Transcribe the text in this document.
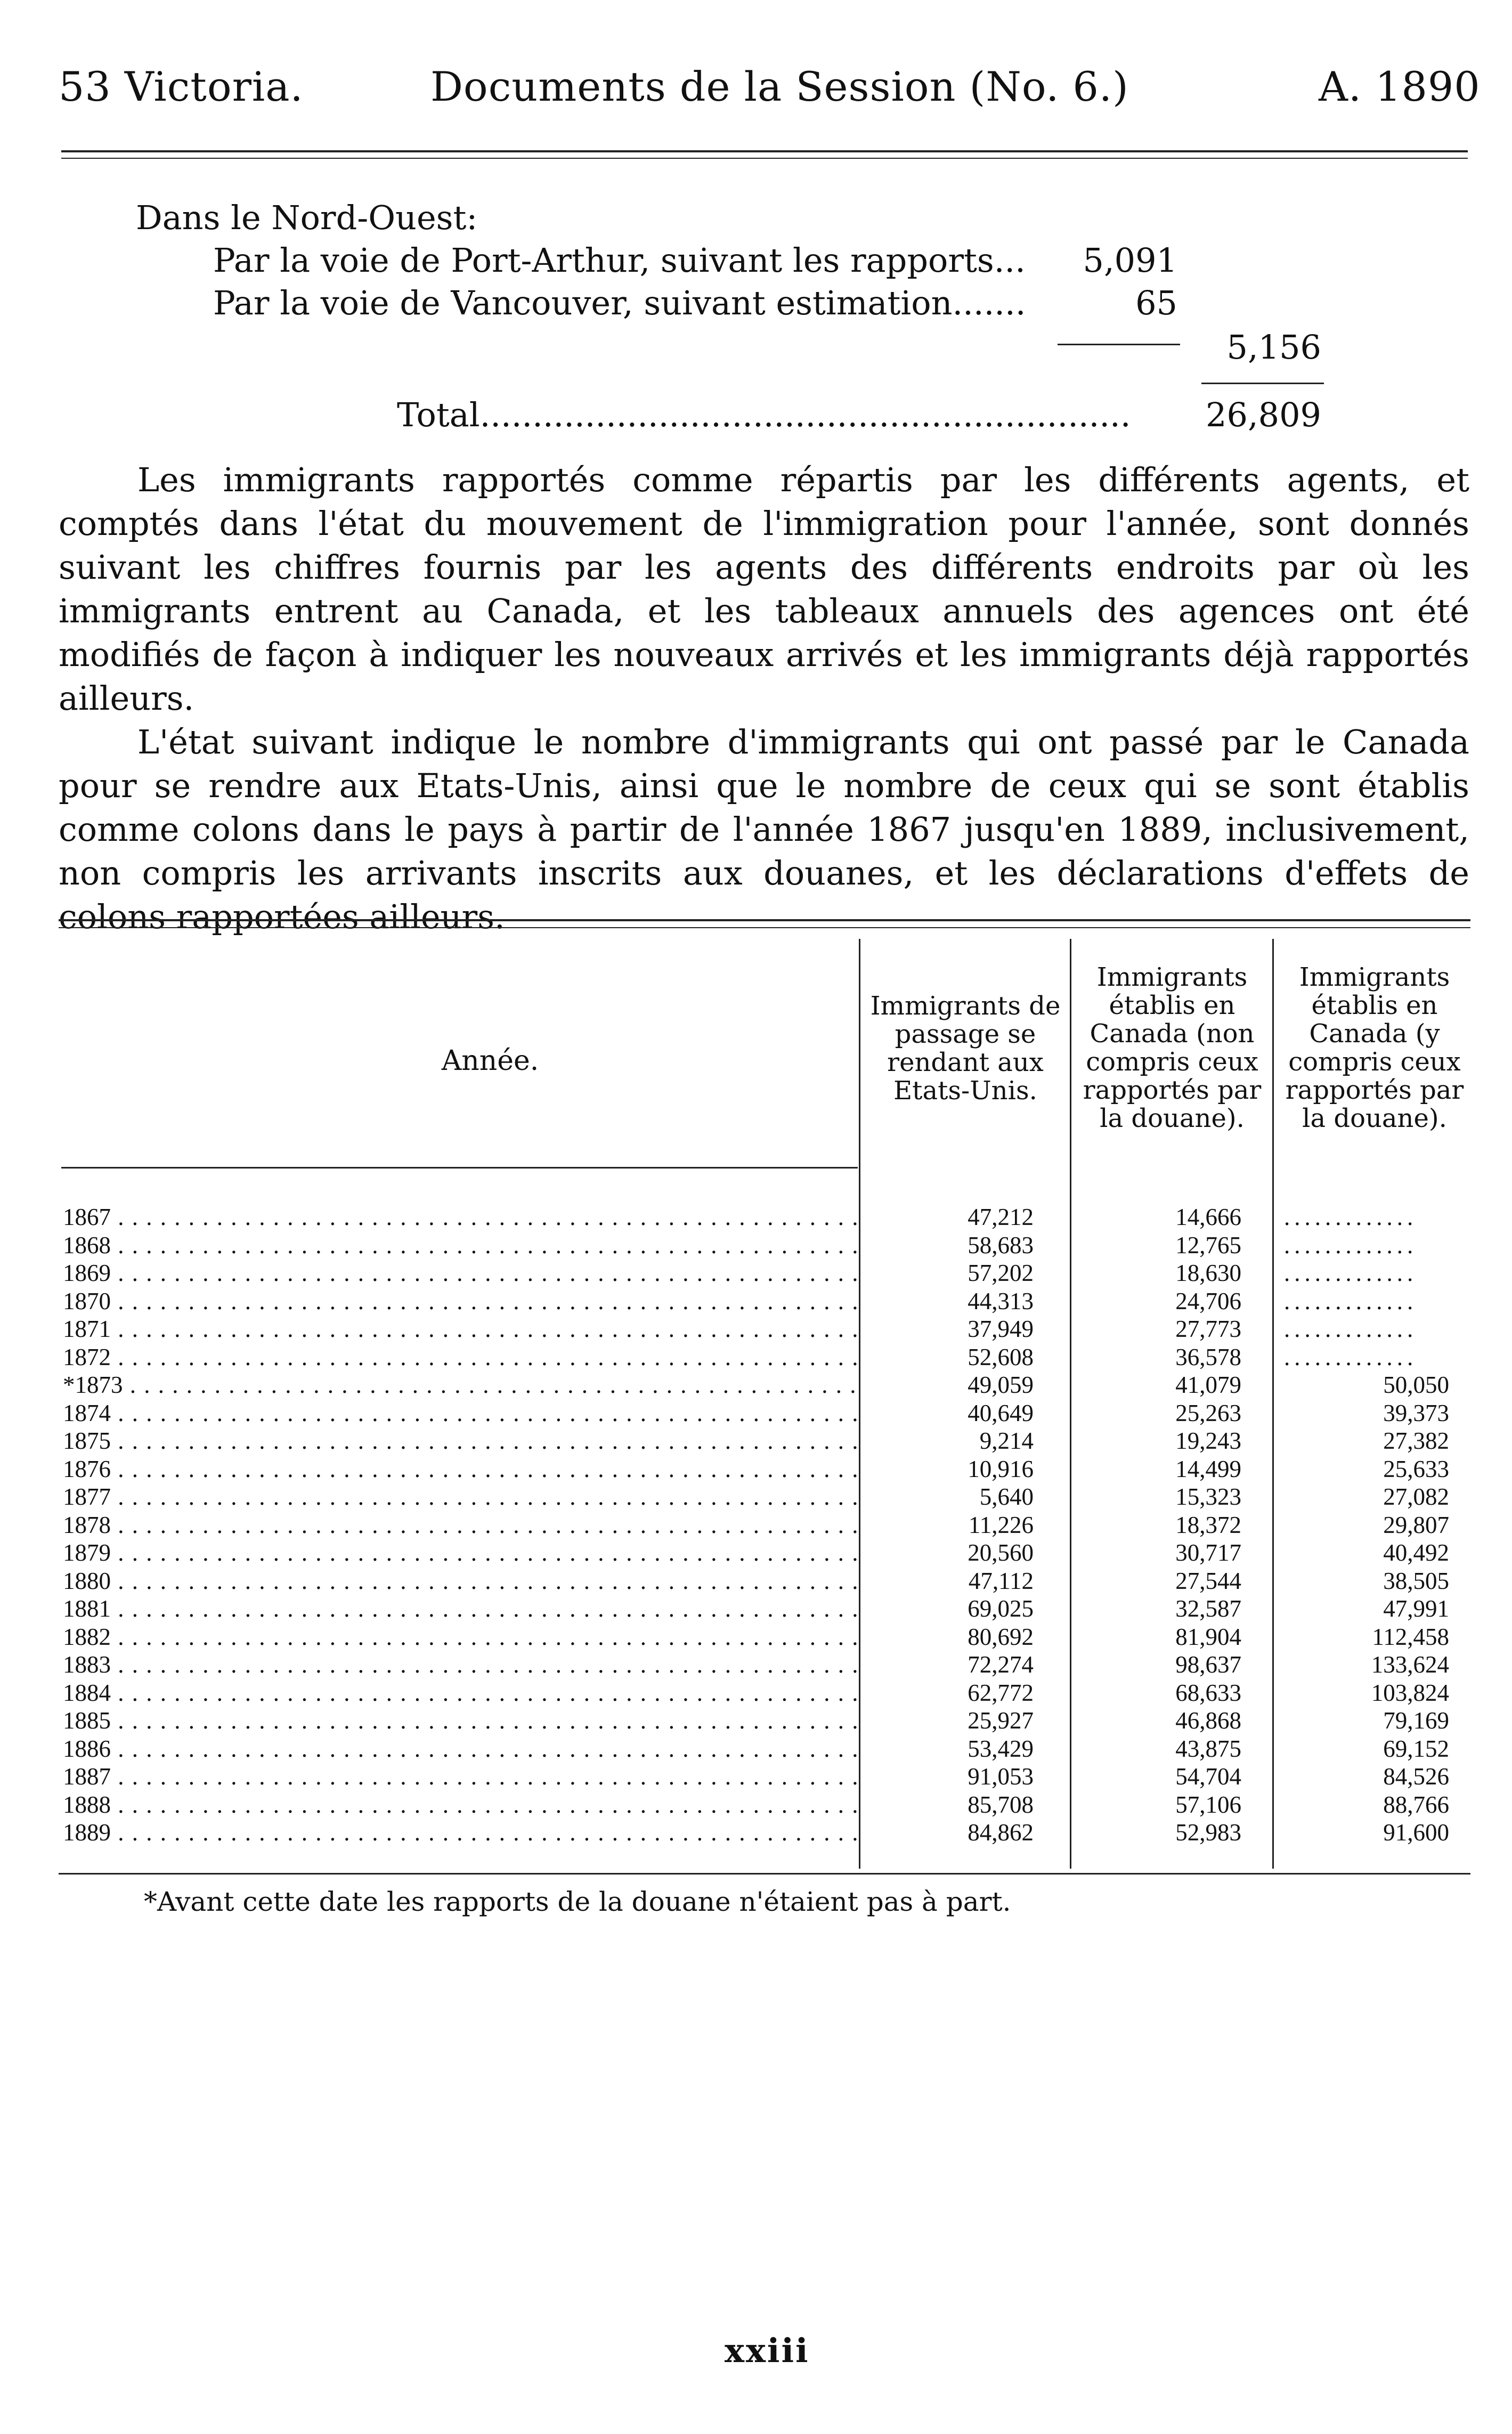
53 Victoria.	Documents de la Session (No. 6.)	A. 1890
Dans le Nord-Ouest:
Par la voie de Port-Arthur, suivant les rapports...	5,091
Par la voie de Vancouver, suivant estimation.......	65
5,156
Total.............................................................. 26,809

Les immigrants rapportés comme répartis par les différents agents, et comptés dans l'état du mouvement de l'immigration pour l'année, sont donnés suivant les chiffres fournis par les agents des différents endroits par où les immigrants entrent au Canada, et les tableaux annuels des agences ont été modifiés de façon à indiquer les nouveaux arrivés et les immigrants déjà rapportés ailleurs.

L'état suivant indique le nombre d'immigrants qui ont passé par le Canada pour se rendre aux Etats-Unis, ainsi que le nombre de ceux qui se sont établis comme colons dans le pays à partir de l'année 1867 jusqu'en 1889, inclusivement, non compris les arrivants inscrits aux douanes, et les déclarations d'effets de colons rapportées ailleurs.

Année.
Immigrants de passage se rendant aux Etats-Unis.
Immigrants établis en Canada (non compris ceux rapportés par la douane).
Immigrants établis en Canada (y compris ceux rapportés par la douane).
1867 . . .	47,212	14,666 .............
1868 . . .	58,683	12,765 .............
1869 . . .	57,202	18,630 .............
1870 . . .	44,313	24,706 .............
1871 . . .	37,949	27,773 .............
1872 . . .	52,608	36,578 .............
*1873 . . .	49,059	41,079	50,050
1874 . . .	40,649	25,263	39,373
1875 . . .	9,214	19,243	27,382
1876 . . .	10,916	14,499	25,633
1877 . . .	5,640	15,323	27,082
1878 . . .	11,226	18,372	29,807
1879 . . .	20,560	30,717	40,492
1880 . . .	47,112	27,544	38,505
1881 . . .	69,025	32,587	47,991
1882 . . .	80,692	81,904	112,458
1883 . . .	72,274	98,637	133,624
1884 . . .	62,772	68,633	103,824
1885 . . .	25,927	46,868	79,169
1886 . . .	53,429	43,875	69,152
1887 . . .	91,053	54,704	84,526
1888 . . .	85,708	57,106	88,766
1889 . . .	84,862	52,983	91,600
*Avant cette date les rapports de la douane n'étaient pas à part.
xxiii
